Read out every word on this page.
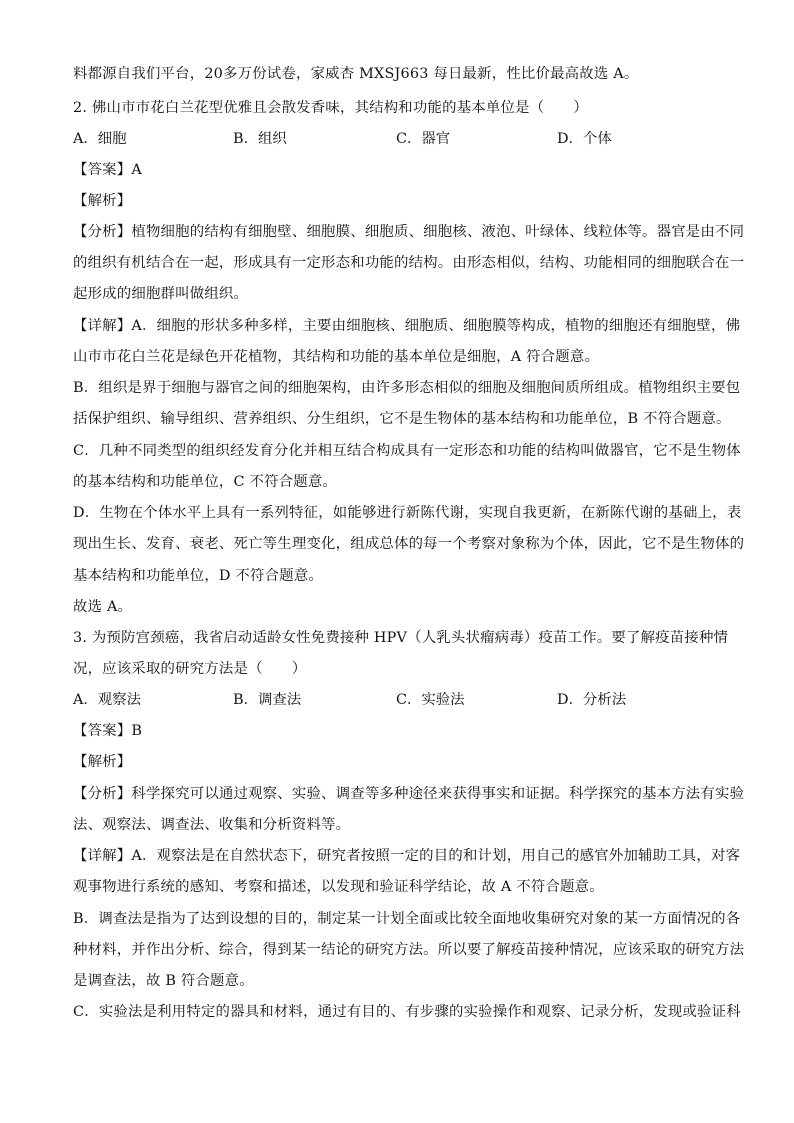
料都源自我们平台，20多万份试卷，家威杏 MXSJ663 每日最新，性比价最高故选 A。
2. 佛山市市花白兰花型优雅且会散发香味，其结构和功能的基本单位是（　　）
A．细胞	B．组织	C．器官	D．个体
【答案】A
【解析】
【分析】植物细胞的结构有细胞壁、细胞膜、细胞质、细胞核、液泡、叶绿体、线粒体等。器官是由不同
的组织有机结合在一起，形成具有一定形态和功能的结构。由形态相似，结构、功能相同的细胞联合在一
起形成的细胞群叫做组织。
【详解】A．细胞的形状多种多样，主要由细胞核、细胞质、细胞膜等构成，植物的细胞还有细胞壁，佛
山市市花白兰花是绿色开花植物，其结构和功能的基本单位是细胞，A 符合题意。
B．组织是界于细胞与器官之间的细胞架构，由许多形态相似的细胞及细胞间质所组成。植物组织主要包
括保护组织、输导组织、营养组织、分生组织，它不是生物体的基本结构和功能单位，B 不符合题意。
C．几种不同类型的组织经发育分化并相互结合构成具有一定形态和功能的结构叫做器官，它不是生物体
的基本结构和功能单位，C 不符合题意。
D．生物在个体水平上具有一系列特征，如能够进行新陈代谢，实现自我更新，在新陈代谢的基础上，表
现出生长、发育、衰老、死亡等生理变化，组成总体的每一个考察对象称为个体，因此，它不是生物体的
基本结构和功能单位，D 不符合题意。
故选 A。
3. 为预防宫颈癌，我省启动适龄女性免费接种 HPV（人乳头状瘤病毒）疫苗工作。要了解疫苗接种情
况，应该采取的研究方法是（　　）
A．观察法	B．调查法	C．实验法	D．分析法
【答案】B
【解析】
【分析】科学探究可以通过观察、实验、调查等多种途径来获得事实和证据。科学探究的基本方法有实验
法、观察法、调查法、收集和分析资料等。
【详解】A．观察法是在自然状态下，研究者按照一定的目的和计划，用自己的感官外加辅助工具，对客
观事物进行系统的感知、考察和描述，以发现和验证科学结论，故 A 不符合题意。
B．调查法是指为了达到设想的目的，制定某一计划全面或比较全面地收集研究对象的某一方面情况的各
种材料，并作出分析、综合，得到某一结论的研究方法。所以要了解疫苗接种情况，应该采取的研究方法
是调查法，故 B 符合题意。
C．实验法是利用特定的器具和材料，通过有目的、有步骤的实验操作和观察、记录分析，发现或验证科
